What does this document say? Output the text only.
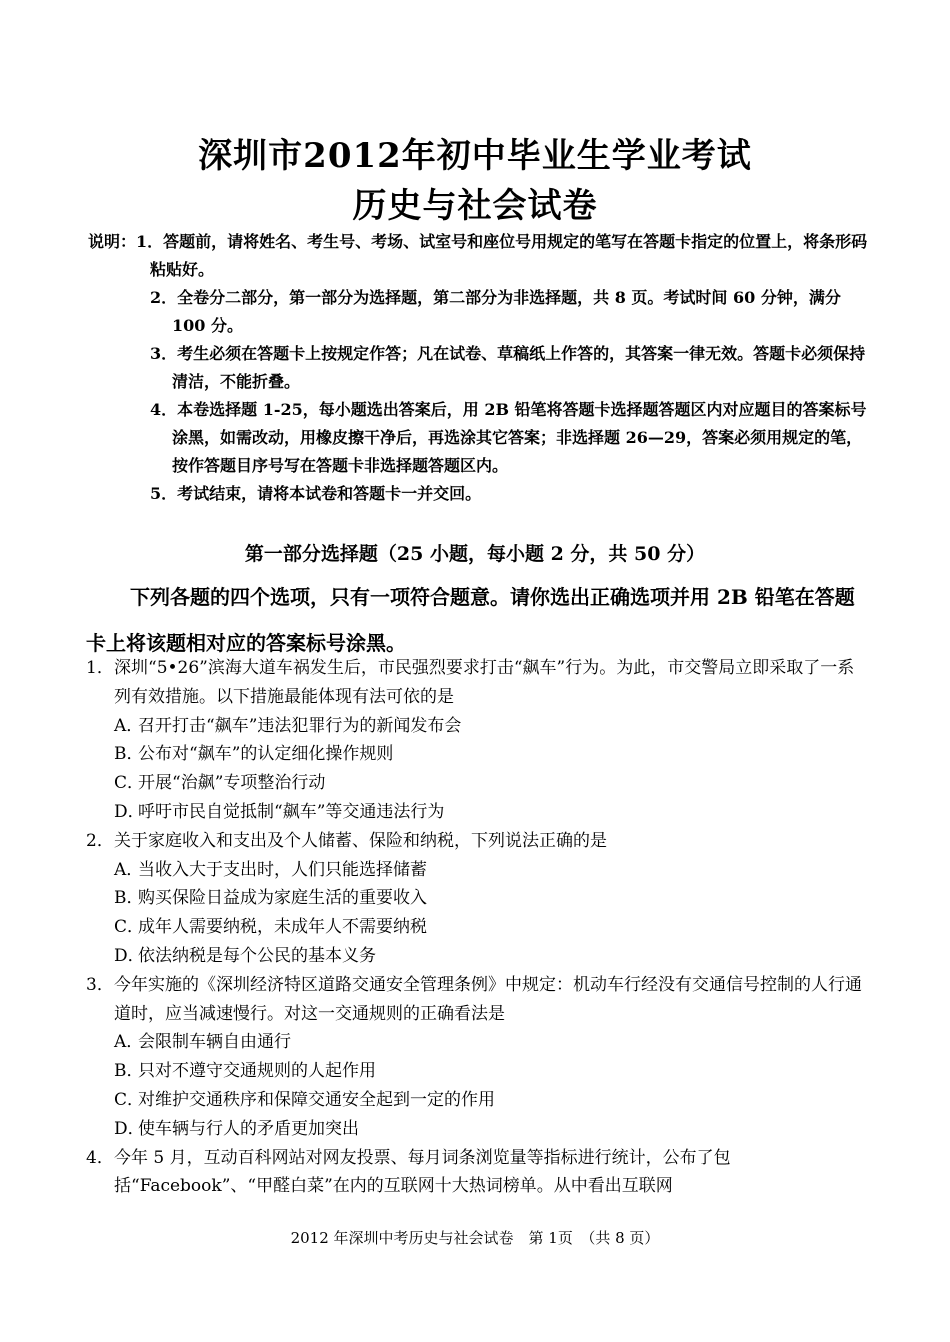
深圳市2012年初中毕业生学业考试
历史与社会试卷
说明：1．答题前，请将姓名、考生号、考场、试室号和座位号用规定的笔写在答题卡指定的位置上，将条形码粘贴好。
2．全卷分二部分，第一部分为选择题，第二部分为非选择题，共 8 页。考试时间 60 分钟，满分 100 分。
3．考生必须在答题卡上按规定作答；凡在试卷、草稿纸上作答的，其答案一律无效。答题卡必须保持清洁，不能折叠。
4．本卷选择题 1-25，每小题选出答案后，用 2B 铅笔将答题卡选择题答题区内对应题目的答案标号涂黑，如需改动，用橡皮擦干净后，再选涂其它答案；非选择题 26—29，答案必须用规定的笔，按作答题目序号写在答题卡非选择题答题区内。
5．考试结束，请将本试卷和答题卡一并交回。
第一部分选择题（25 小题，每小题 2 分，共 50 分）
下列各题的四个选项，只有一项符合题意。请你选出正确选项并用 2B 铅笔在答题卡上将该题相对应的答案标号涂黑。
1．深圳“5•26”滨海大道车祸发生后，市民强烈要求打击“飙车”行为。为此，市交警局立即采取了一系列有效措施。以下措施最能体现有法可依的是
A．召开打击“飙车”违法犯罪行为的新闻发布会
B．公布对“飙车”的认定细化操作规则
C．开展“治飙”专项整治行动
D．呼吁市民自觉抵制“飙车”等交通违法行为
2．关于家庭收入和支出及个人储蓄、保险和纳税，下列说法正确的是
A．当收入大于支出时，人们只能选择储蓄
B．购买保险日益成为家庭生活的重要收入
C．成年人需要纳税，未成年人不需要纳税
D．依法纳税是每个公民的基本义务
3．今年实施的《深圳经济特区道路交通安全管理条例》中规定：机动车行经没有交通信号控制的人行通道时，应当减速慢行。对这一交通规则的正确看法是
A．会限制车辆自由通行
B．只对不遵守交通规则的人起作用
C．对维护交通秩序和保障交通安全起到一定的作用
D．使车辆与行人的矛盾更加突出
4．今年 5 月，互动百科网站对网友投票、每月词条浏览量等指标进行统计，公布了包括“Facebook”、“甲醛白菜”在内的互联网十大热词榜单。从中看出互联网
2012 年深圳中考历史与社会试卷　第 1页　（共 8 页）
